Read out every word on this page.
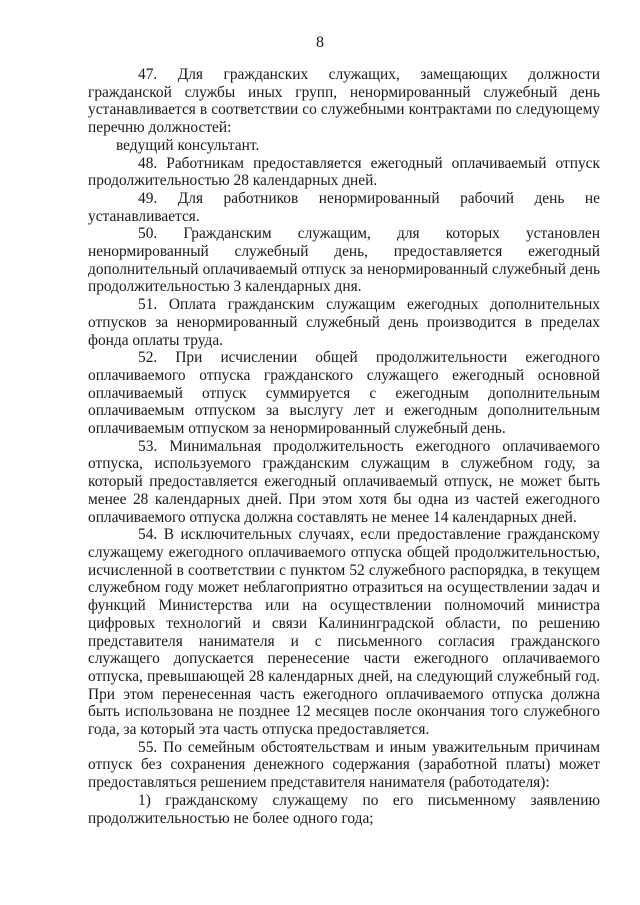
8

47. Для гражданских служащих, замещающих должности гражданской службы иных групп, ненормированный служебный день устанавливается в соответствии со служебными контрактами по следующему перечню должностей:

ведущий консультант.

48. Работникам предоставляется ежегодный оплачиваемый отпуск продолжительностью 28 календарных дней.

49. Для работников ненормированный рабочий день не устанавливается.

50. Гражданским служащим, для которых установлен ненормированный служебный день, предоставляется ежегодный дополнительный оплачиваемый отпуск за ненормированный служебный день продолжительностью 3 календарных дня.

51. Оплата гражданским служащим ежегодных дополнительных отпусков за ненормированный служебный день производится в пределах фонда оплаты труда.

52. При исчислении общей продолжительности ежегодного оплачиваемого отпуска гражданского служащего ежегодный основной оплачиваемый отпуск суммируется с ежегодным дополнительным оплачиваемым отпуском за выслугу лет и ежегодным дополнительным оплачиваемым отпуском за ненормированный служебный день.

53. Минимальная продолжительность ежегодного оплачиваемого отпуска, используемого гражданским служащим в служебном году, за который предоставляется ежегодный оплачиваемый отпуск, не может быть менее 28 календарных дней. При этом хотя бы одна из частей ежегодного оплачиваемого отпуска должна составлять не менее 14 календарных дней.

54. В исключительных случаях, если предоставление гражданскому служащему ежегодного оплачиваемого отпуска общей продолжительностью, исчисленной в соответствии с пунктом 52 служебного распорядка, в текущем служебном году может неблагоприятно отразиться на осуществлении задач и функций Министерства или на осуществлении полномочий министра цифровых технологий и связи Калининградской области, по решению представителя нанимателя и с письменного согласия гражданского служащего допускается перенесение части ежегодного оплачиваемого отпуска, превышающей 28 календарных дней, на следующий служебный год. При этом перенесенная часть ежегодного оплачиваемого отпуска должна быть использована не позднее 12 месяцев после окончания того служебного года, за который эта часть отпуска предоставляется.

55. По семейным обстоятельствам и иным уважительным причинам отпуск без сохранения денежного содержания (заработной платы) может предоставляться решением представителя нанимателя (работодателя):

1) гражданскому служащему по его письменному заявлению продолжительностью не более одного года;
